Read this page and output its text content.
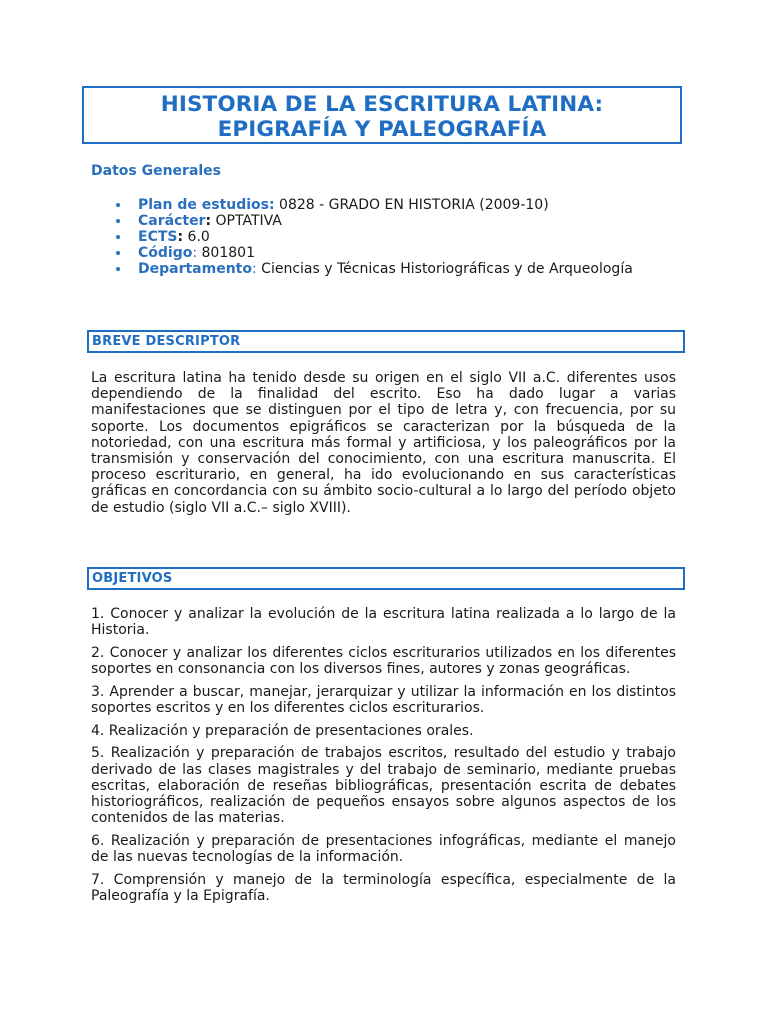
HISTORIA DE LA ESCRITURA LATINA:
EPIGRAFÍA Y PALEOGRAFÍA
Datos Generales
Plan de estudios: 0828 - GRADO EN HISTORIA (2009-10)
Carácter: OPTATIVA
ECTS: 6.0
Código: 801801
Departamento: Ciencias y Técnicas Historiográficas y de Arqueología
BREVE DESCRIPTOR

La escritura latina ha tenido desde su origen en el siglo VII a.C. diferentes usos dependiendo de la finalidad del escrito. Eso ha dado lugar a varias manifestaciones que se distinguen por el tipo de letra y, con frecuencia, por su soporte. Los documentos epigráficos se caracterizan por la búsqueda de la notoriedad, con una escritura más formal y artificiosa, y los paleográficos por la transmisión y conservación del conocimiento, con una escritura manuscrita. El proceso escriturario, en general, ha ido evolucionando en sus características gráficas en concordancia con su ámbito socio-cultural a lo largo del período objeto de estudio (siglo VII a.C.– siglo XVIII).

OBJETIVOS
1. Conocer y analizar la evolución de la escritura latina realizada a lo largo de la Historia.
2. Conocer y analizar los diferentes ciclos escriturarios utilizados en los diferentes soportes en consonancia con los diversos fines, autores y zonas geográficas.
3. Aprender a buscar, manejar, jerarquizar y utilizar la información en los distintos soportes escritos y en los diferentes ciclos escriturarios.
4. Realización y preparación de presentaciones orales.
5. Realización y preparación de trabajos escritos, resultado del estudio y trabajo derivado de las clases magistrales y del trabajo de seminario, mediante pruebas escritas, elaboración de reseñas bibliográficas, presentación escrita de debates historiográficos, realización de pequeños ensayos sobre algunos aspectos de los contenidos de las materias.
6. Realización y preparación de presentaciones infográficas, mediante el manejo de las nuevas tecnologías de la información.
7. Comprensión y manejo de la terminología específica, especialmente de la Paleografía y la Epigrafía.
